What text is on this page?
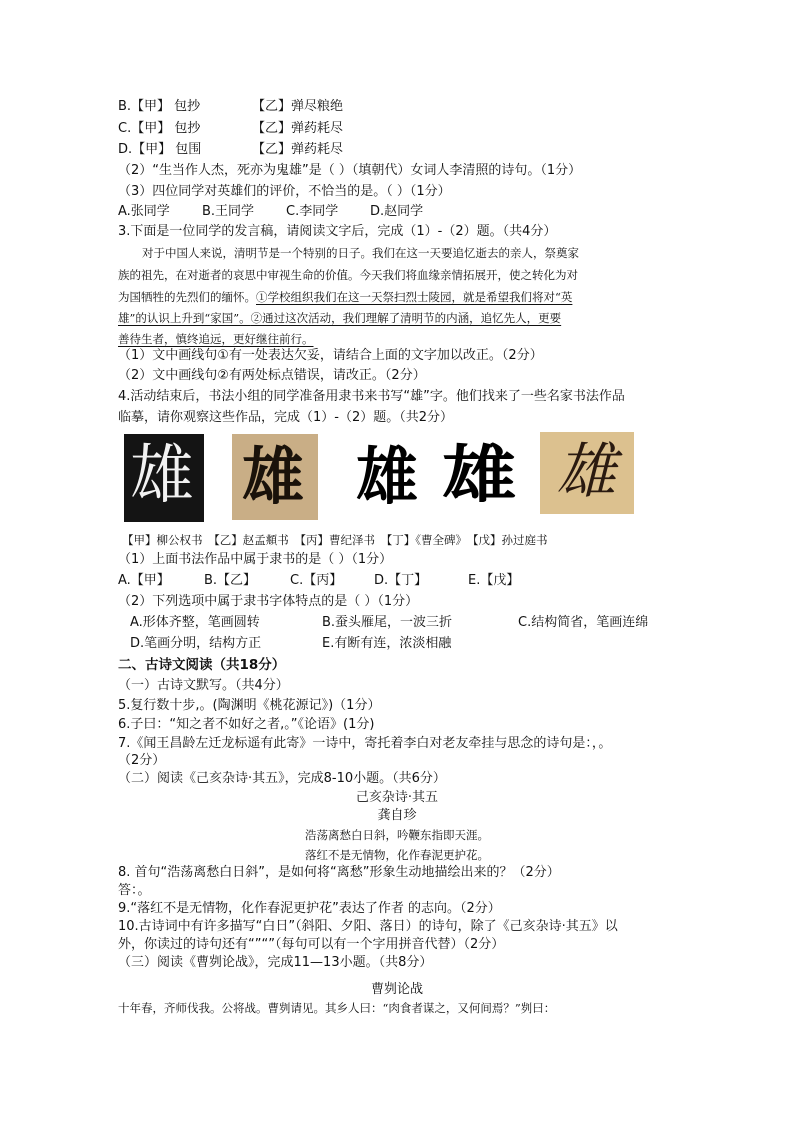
B.【甲】 包抄	【乙】弹尽粮绝
C.【甲】 包抄	【乙】弹药耗尽
D.【甲】 包围	【乙】弹药耗尽
（2）“生当作人杰，死亦为鬼雄”是（ ）（填朝代）女词人李清照的诗句。（1分）
（3）四位同学对英雄们的评价，不恰当的是。（ ）（1分）
A.张同学 B.王同学 C.李同学 D.赵同学
3.下面是一位同学的发言稿，请阅读文字后，完成（1）-（2）题。（共4分）
对于中国人来说，清明节是一个特别的日子。我们在这一天要追忆逝去的亲人，祭奠家
族的祖先，在对逝者的哀思中审视生命的价值。今天我们将血缘亲情拓展开，使之转化为对
为国牺牲的先烈们的缅怀。①学校组织我们在这一天祭扫烈士陵园，就是希望我们将对“英
雄”的认识上升到“家国”。②通过这次活动，我们理解了清明节的内涵，追忆先人，更要
善待生者，慎终追远，更好继往前行。
（1）文中画线句①有一处表达欠妥，请结合上面的文字加以改正。（2分）
（2）文中画线句②有两处标点错误，请改正。（2分）
4.活动结束后，书法小组的同学准备用隶书来书写“雄”字。他们找来了一些名家书法作品
临摹，请你观察这些作品，完成（1）-（2）题。（共2分）
雄 雄 雄 雄 雄
【甲】柳公权书　【乙】赵孟頫书　【丙】曹纪泽书　【丁】《曹全碑》　【戊】孙过庭书
（1）上面书法作品中属于隶书的是（ ）（1分）
A.【甲】	B.【乙】	C.【丙】 D.【丁】	E.【戊】
（2）下列选项中属于隶书字体特点的是（ ）（1分）
A.形体齐整，笔画圆转	B.蚕头雁尾，一波三折	C.结构简省，笔画连绵
D.笔画分明，结构方正	E.有断有连，浓淡相融
二、古诗文阅读（共18分）
（一）古诗文默写。（共4分）
5.复行数十步,。(陶渊明《桃花源记》)（1分）
6.子曰：“知之者不如好之者,。”《论语》(1分)
7.《闻王昌龄左迁龙标遥有此寄》一诗中，寄托着李白对老友牵挂与思念的诗句是：，。
（2分）
（二）阅读《己亥杂诗·其五》，完成8-10小题。（共6分）
己亥杂诗·其五
龚自珍
浩荡离愁白日斜，吟鞭东指即天涯。
落红不是无情物，化作春泥更护花。
8. 首句“浩荡离愁白日斜”，是如何将“离愁”形象生动地描绘出来的？（2分）
答：。
9.“落红不是无情物，化作春泥更护花”表达了作者 的志向。（2分）
10.古诗词中有许多描写“白日”（斜阳、夕阳、落日）的诗句，除了《己亥杂诗·其五》以
外，你读过的诗句还有“”“”（每句可以有一个字用拼音代替）（2分）
（三）阅读《曹刿论战》，完成11—13小题。（共8分）
曹刿论战
十年春，齐师伐我。公将战。曹刿请见。其乡人曰：“肉食者谋之，又何间焉？”刿曰：
